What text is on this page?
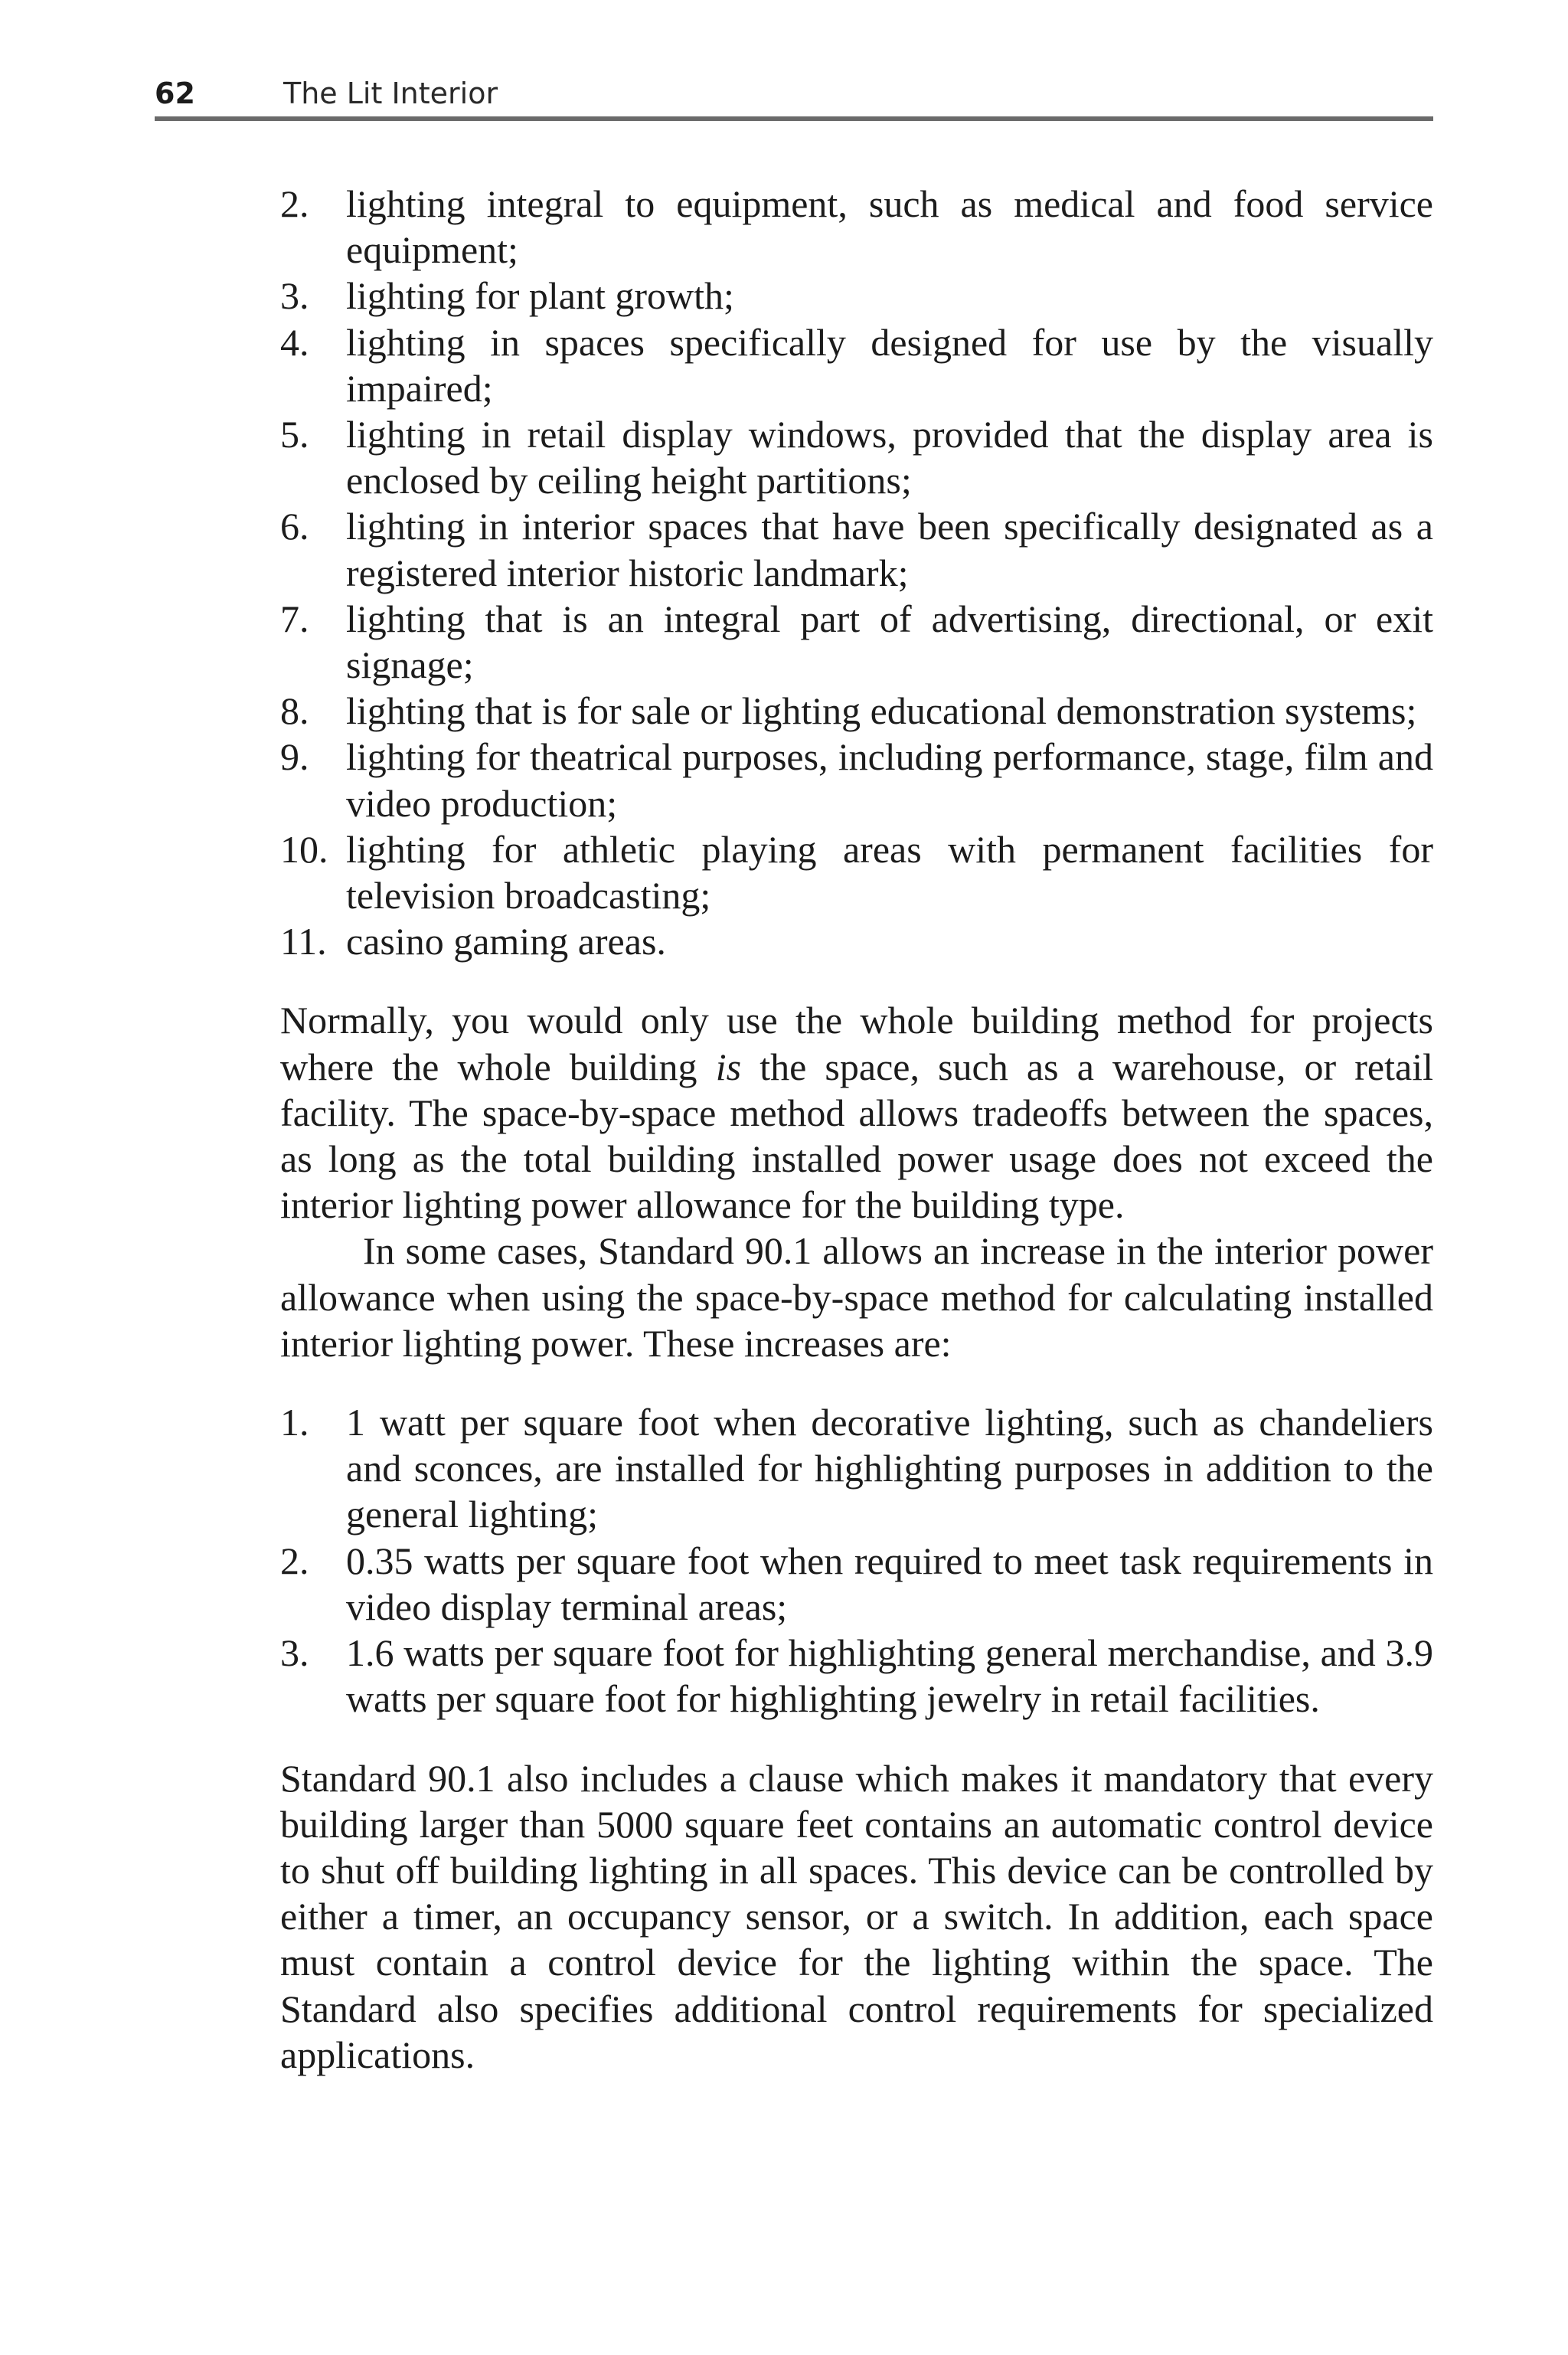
62	The Lit Interior
2. lighting integral to equipment, such as medical and food service equipment;
3. lighting for plant growth;
4. lighting in spaces specifically designed for use by the visually impaired;
5. lighting in retail display windows, provided that the display area is enclosed by ceiling height partitions;
6. lighting in interior spaces that have been specifically designated as a registered interior historic landmark;
7. lighting that is an integral part of advertising, directional, or exit signage;
8. lighting that is for sale or lighting educational demonstration systems;
9. lighting for theatrical purposes, including performance, stage, film and video production;
10. lighting for athletic playing areas with permanent facilities for television broadcasting;
11. casino gaming areas.

Normally, you would only use the whole building method for projects where the whole building is the space, such as a warehouse, or retail facility. The space-by-space method allows tradeoffs between the spaces, as long as the total building installed power usage does not exceed the interior lighting power allowance for the building type.

In some cases, Standard 90.1 allows an increase in the interior power allowance when using the space-by-space method for calculating installed interior lighting power. These increases are:

1. 1 watt per square foot when decorative lighting, such as chandeliers and sconces, are installed for highlighting purposes in addition to the general lighting;
2. 0.35 watts per square foot when required to meet task requirements in video display terminal areas;
3. 1.6 watts per square foot for highlighting general merchandise, and 3.9 watts per square foot for highlighting jewelry in retail facilities.

Standard 90.1 also includes a clause which makes it mandatory that every building larger than 5000 square feet contains an automatic control device to shut off building lighting in all spaces. This device can be controlled by either a timer, an occupancy sensor, or a switch. In addition, each space must contain a control device for the lighting within the space. The Standard also specifies additional control requirements for specialized applications.
